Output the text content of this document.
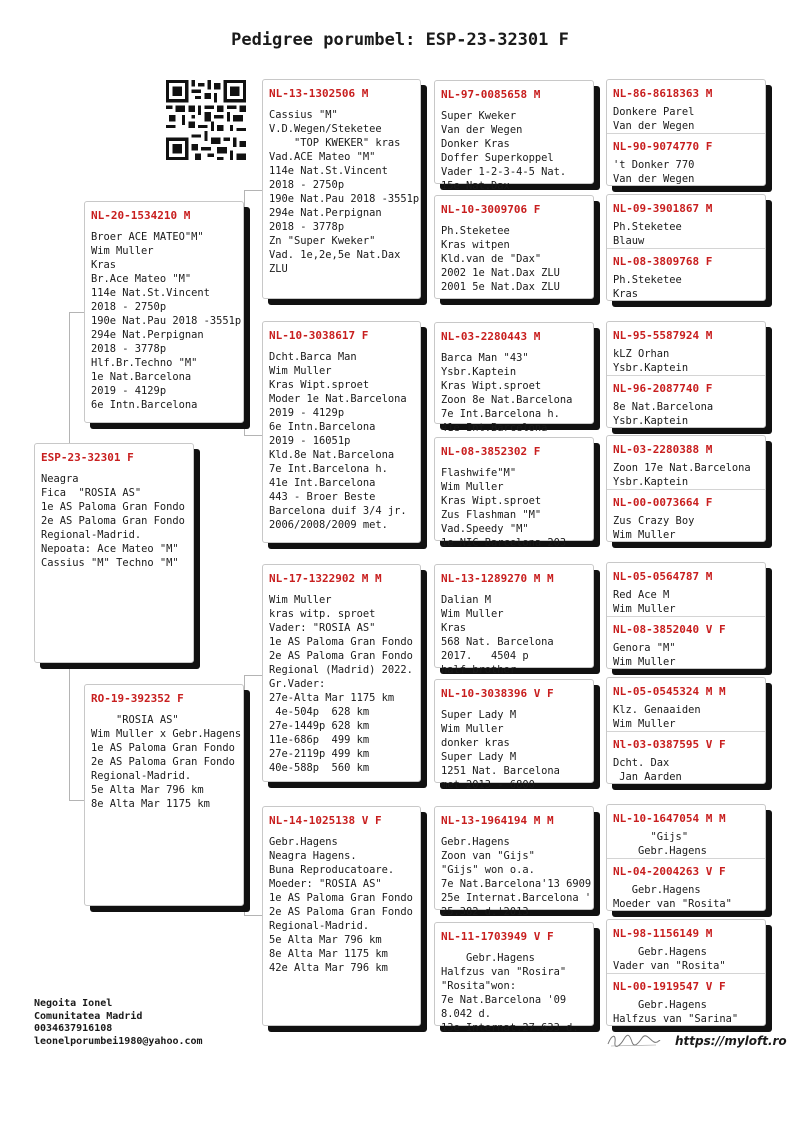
Pedigree porumbel: ESP-23-32301 F
ESP-23-32301 F
Neagra
Fica  "ROSIA AS"
1e AS Paloma Gran Fondo
2e AS Paloma Gran Fondo
Regional-Madrid.
Nepoata: Ace Mateo "M"
Cassius "M" Techno "M"
NL-20-1534210 M
Broer ACE MATEO"M"
Wim Muller
Kras
Br.Ace Mateo "M"
114e Nat.St.Vincent
2018 - 2750p
190e Nat.Pau 2018 -3551p
294e Nat.Perpignan
2018 - 3778p
Hlf.Br.Techno "M"
1e Nat.Barcelona
2019 - 4129p
6e Intn.Barcelona
RO-19-392352 F
"ROSIA AS"
Wim Muller x Gebr.Hagens
1e AS Paloma Gran Fondo
2e AS Paloma Gran Fondo
Regional-Madrid.
5e Alta Mar 796 km
8e Alta Mar 1175 km
NL-13-1302506 M
Cassius "M"
V.D.Wegen/Steketee
"TOP KWEKER" kras
Vad.ACE Mateo "M"
114e Nat.St.Vincent
2018 - 2750p
190e Nat.Pau 2018 -3551p
294e Nat.Perpignan
2018 - 3778p
Zn "Super Kweker"
Vad. 1e,2e,5e Nat.Dax
ZLU
NL-10-3038617 F
Dcht.Barca Man
Wim Muller
Kras Wipt.sproet
Moder 1e Nat.Barcelona
2019 - 4129p
6e Intn.Barcelona
2019 - 16051p
Kld.8e Nat.Barcelona
7e Int.Barcelona h.
41e Int.Barcelona
443 - Broer Beste
Barcelona duif 3/4 jr.
2006/2008/2009 met.
NL-17-1322902 M M
Wim Muller
kras witp. sproet
Vader: "ROSIA AS"
1e AS Paloma Gran Fondo
2e AS Paloma Gran Fondo
Regional (Madrid) 2022.
Gr.Vader:
27e-Alta Mar 1175 km
4e-504p  628 km
27e-1449p 628 km
11e-686p  499 km
27e-2119p 499 km
40e-588p  560 km
NL-14-1025138 V F
Gebr.Hagens
Neagra Hagens.
Buna Reproducatoare.
Moeder: "ROSIA AS"
1e AS Paloma Gran Fondo
2e AS Paloma Gran Fondo
Regional-Madrid.
5e Alta Mar 796 km
8e Alta Mar 1175 km
42e Alta Mar 796 km
NL-97-0085658 M
Super Kweker
Van der Wegen
Donker Kras
Doffer Superkoppel
Vader 1-2-3-4-5 Nat.
15e Nat.Dax
NL-10-3009706 F
Ph.Steketee
Kras witpen
Kld.van de "Dax"
2002 1e Nat.Dax ZLU
2001 5e Nat.Dax ZLU
NL-03-2280443 M
Barca Man "43"
Ysbr.Kaptein
Kras Wipt.sproet
Zoon 8e Nat.Barcelona
7e Int.Barcelona h.
41e Int.Barcelona
NL-08-3852302 F
Flashwife"M"
Wim Muller
Kras Wipt.sproet
Zus Flashman "M"
Vad.Speedy "M"
1e NIC Barcelona 203
NL-13-1289270 M M
Dalian M
Wim Muller
Kras
568 Nat. Barcelona
2017.   4504 p
half brother
NL-10-3038396 V F
Super Lady M
Wim Muller
donker kras
Super Lady M
1251 Nat. Barcelona
met 2013 - 6800
NL-13-1964194 M M
Gebr.Hagens
Zoon van "Gijs"
"Gijs" won o.a.
7e Nat.Barcelona'13 6909
25e Internat.Barcelona '
25.382 d.'2013
NL-11-1703949 V F
Gebr.Hagens
Halfzus van "Rosira"
"Rosita"won:
7e Nat.Barcelona '09
8.042 d.
13e Internat.27.633 d.
NL-86-8618363 M
Donkere Parel
Van der Wegen
NL-90-9074770 F
't Donker 770
Van der Wegen
NL-09-3901867 M
Ph.Steketee
Blauw
NL-08-3809768 F
Ph.Steketee
Kras
NL-95-5587924 M
kLZ Orhan
Ysbr.Kaptein
NL-96-2087740 F
8e Nat.Barcelona
Ysbr.Kaptein
NL-03-2280388 M
Zoon 17e Nat.Barcelona
Ysbr.Kaptein
NL-00-0073664 F
Zus Crazy Boy
Wim Muller
NL-05-0564787 M
Red Ace M
Wim Muller
NL-08-3852040 V F
Genora "M"
Wim Muller
NL-05-0545324 M M
Klz. Genaaiden
Wim Muller
Nl-03-0387595 V F
Dcht. Dax
Jan Aarden
NL-10-1647054 M M
"Gijs"
Gebr.Hagens
NL-04-2004263 V F
Gebr.Hagens
Moeder van "Rosita"
NL-98-1156149 M
Gebr.Hagens
Vader van "Rosita"
NL-00-1919547 V F
Gebr.Hagens
Halfzus van "Sarina"
Negoita Ionel
Comunitatea Madrid
0034637916108
leonelporumbei1980@yahoo.com	https://myloft.ro
